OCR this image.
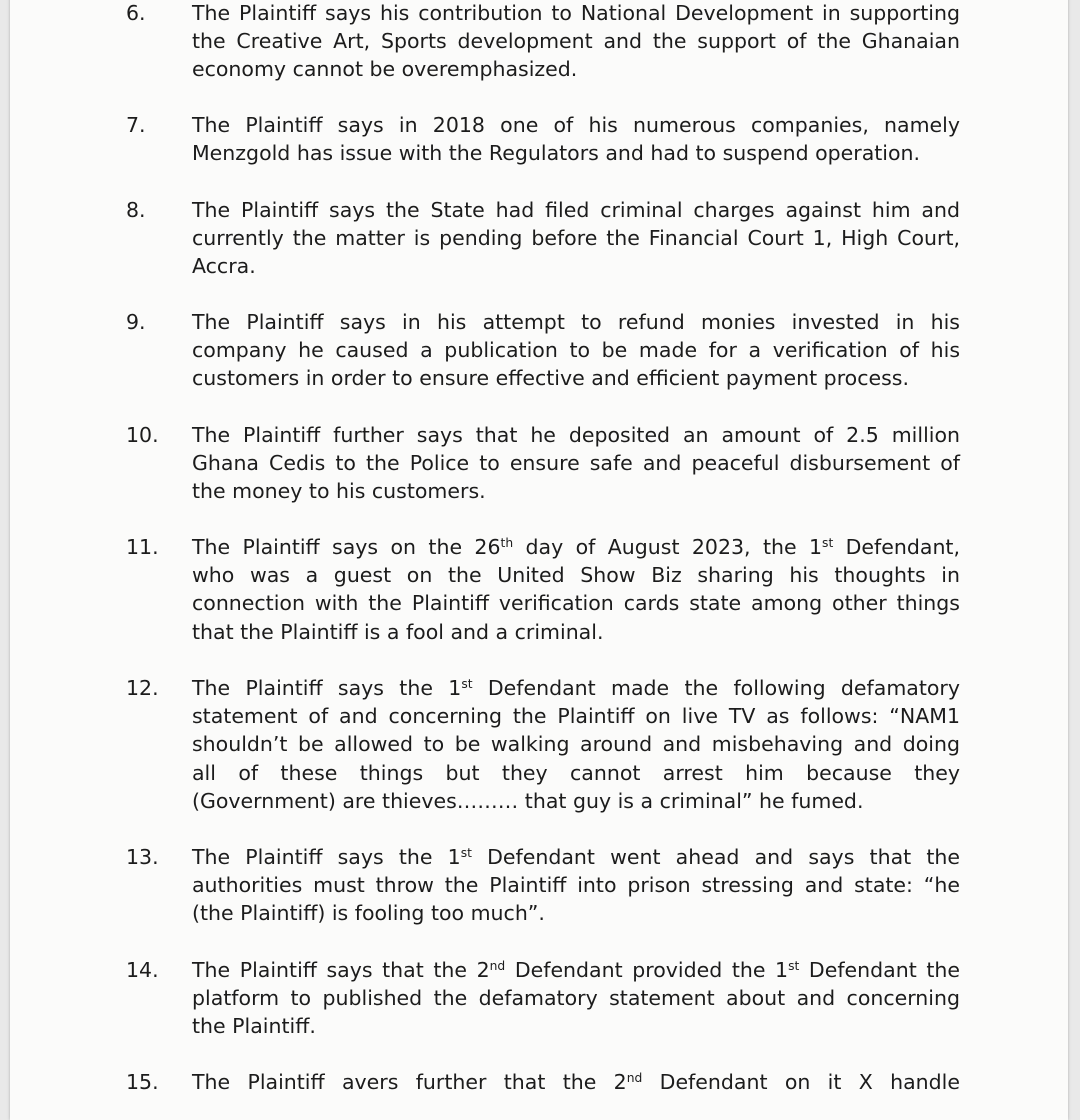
6.	The Plaintiff says his contribution to National Development in supporting
the Creative Art, Sports development and the support of the Ghanaian
economy cannot be overemphasized.
7.	The Plaintiff says in 2018 one of his numerous companies, namely
Menzgold has issue with the Regulators and had to suspend operation.
8.	The Plaintiff says the State had filed criminal charges against him and
currently the matter is pending before the Financial Court 1, High Court,
Accra.
9.	The Plaintiff says in his attempt to refund monies invested in his
company he caused a publication to be made for a verification of his
customers in order to ensure effective and efficient payment process.
10.	The Plaintiff further says that he deposited an amount of 2.5 million
Ghana Cedis to the Police to ensure safe and peaceful disbursement of
the money to his customers.
11.	The Plaintiff says on the 26th day of August 2023, the 1st Defendant,
who was a guest on the United Show Biz sharing his thoughts in
connection with the Plaintiff verification cards state among other things
that the Plaintiff is a fool and a criminal.
12.	The Plaintiff says the 1st Defendant made the following defamatory
statement of and concerning the Plaintiff on live TV as follows: “NAM1
shouldn’t be allowed to be walking around and misbehaving and doing
all of these things but they cannot arrest him because they
(Government) are thieves……… that guy is a criminal” he fumed.
13.	The Plaintiff says the 1st Defendant went ahead and says that the
authorities must throw the Plaintiff into prison stressing and state: “he
(the Plaintiff) is fooling too much”.
14.	The Plaintiff says that the 2nd Defendant provided the 1st Defendant the
platform to published the defamatory statement about and concerning
the Plaintiff.
15.	The Plaintiff avers further that the 2nd Defendant on it X handle
